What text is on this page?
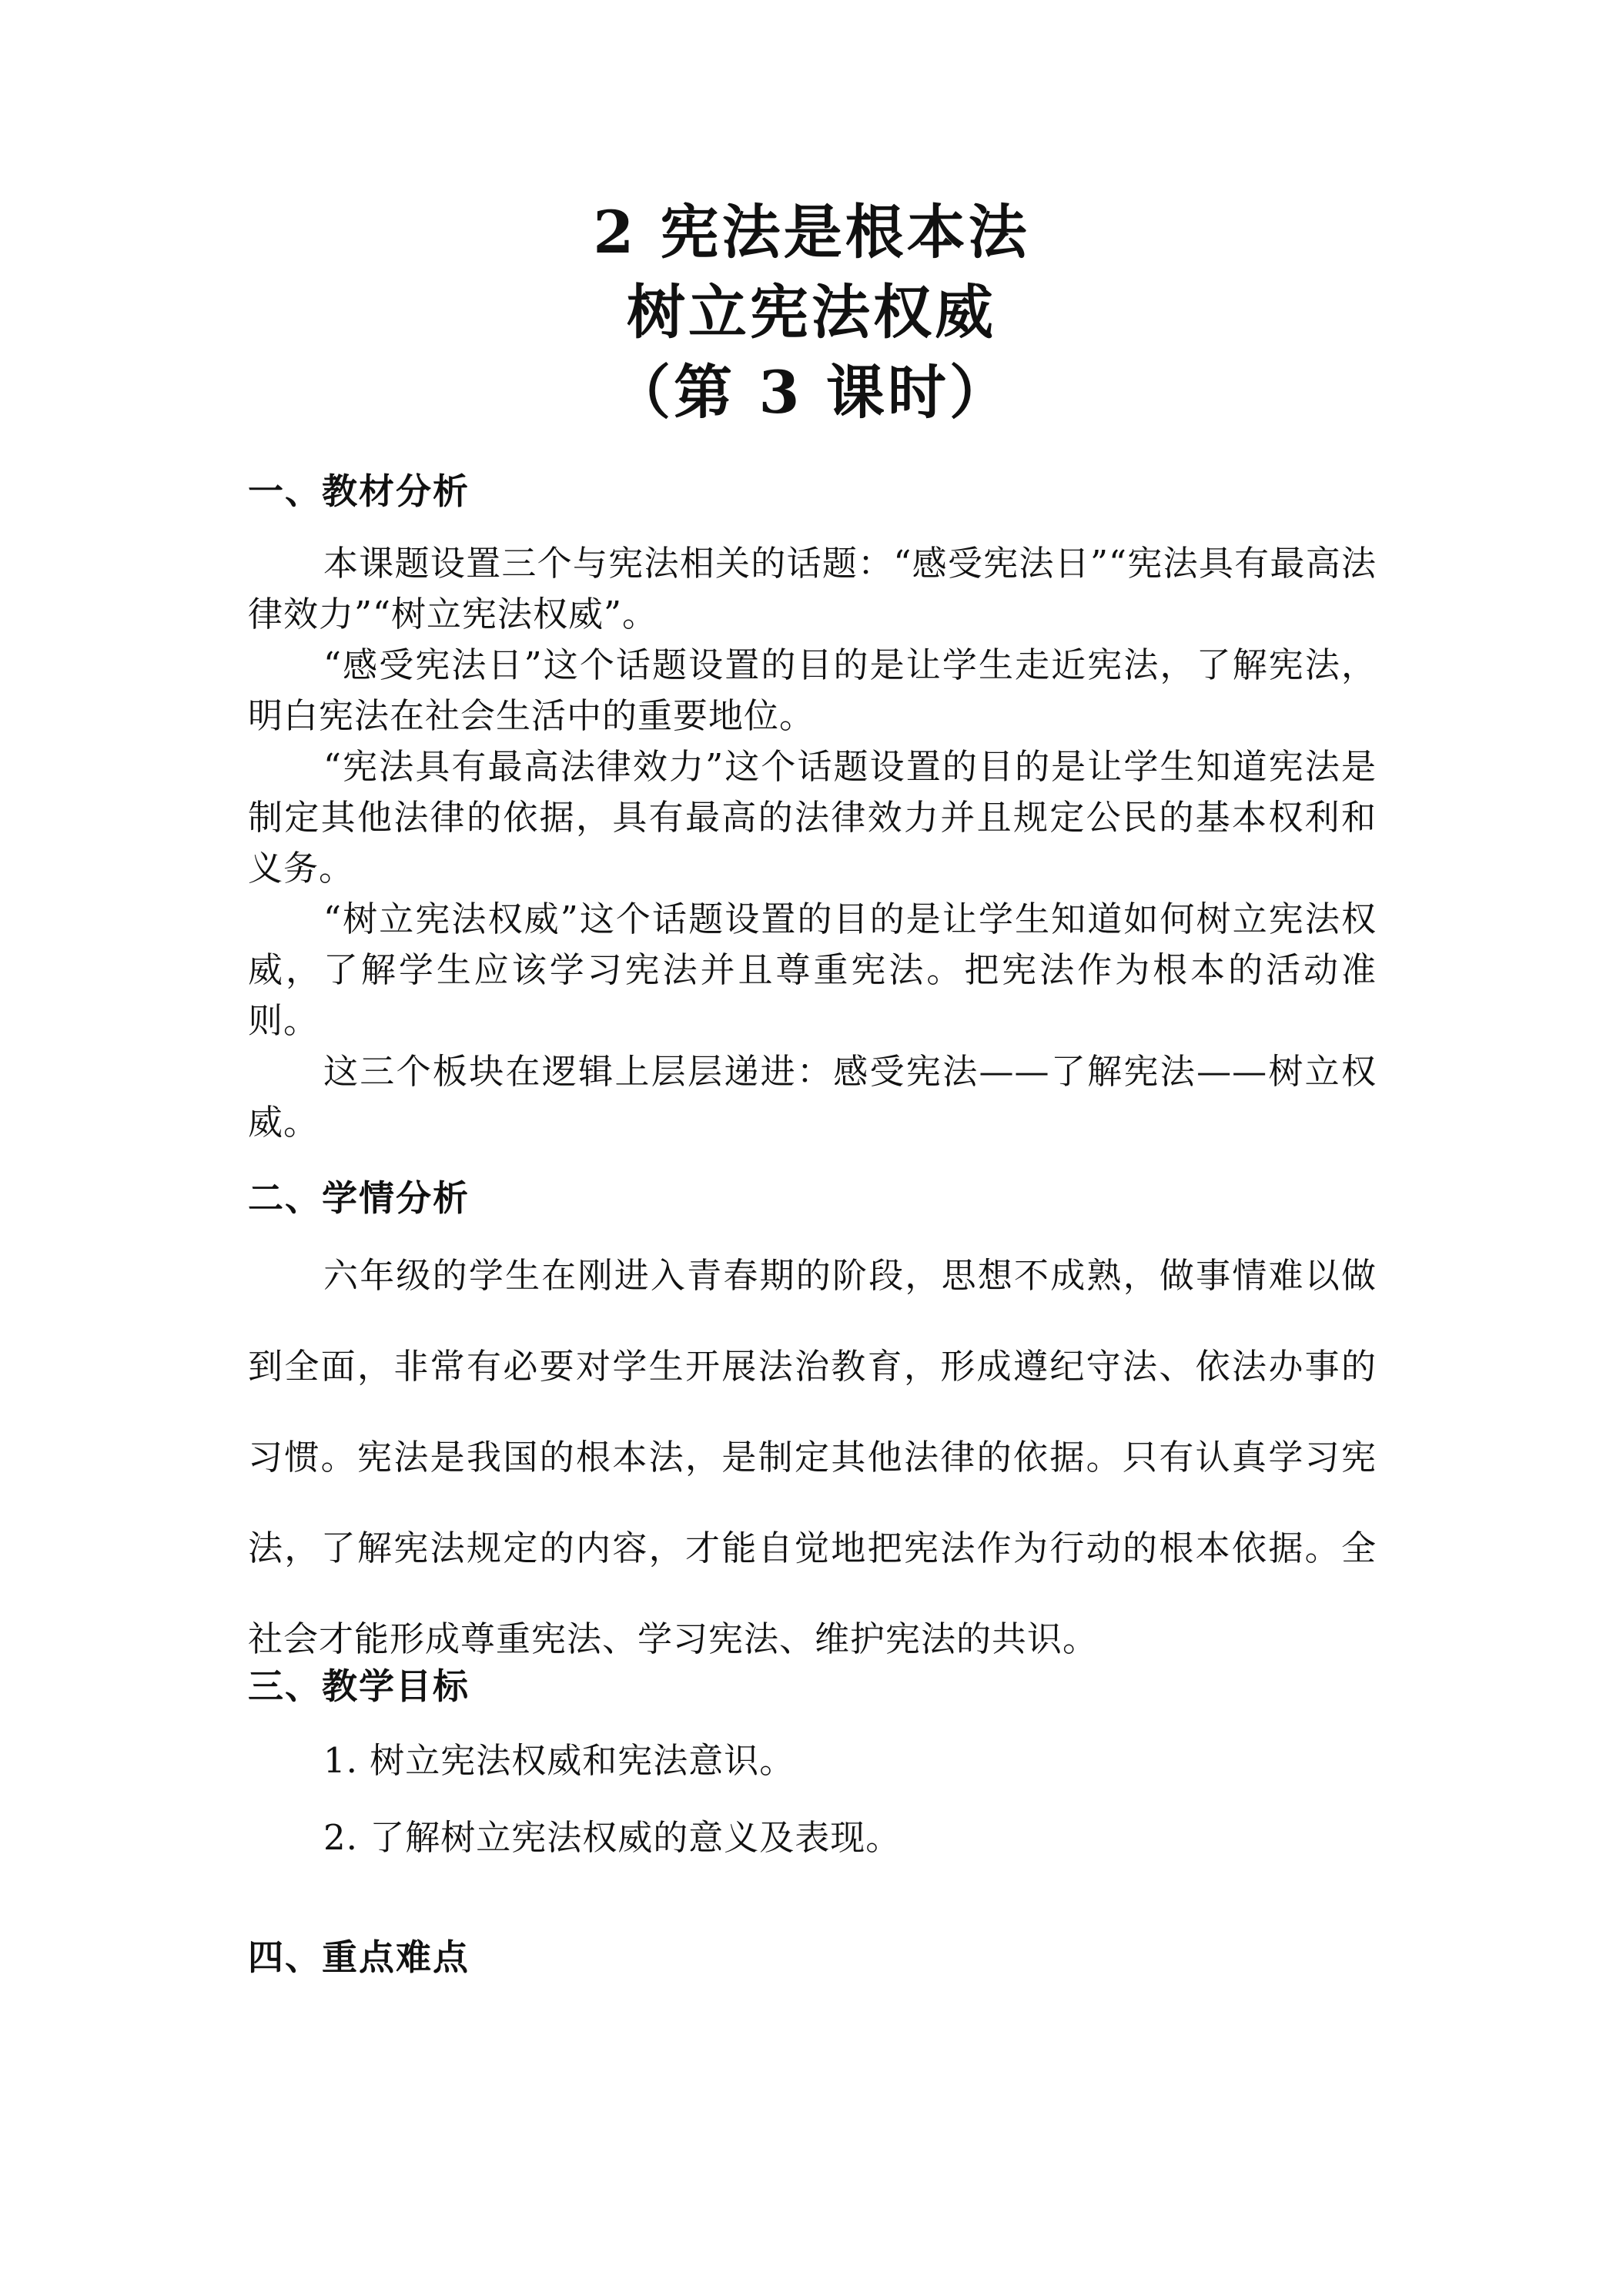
2 宪法是根本法
树立宪法权威
（第 3 课时）
一、教材分析

本课题设置三个与宪法相关的话题：“感受宪法日”“宪法具有最高法律效力”“树立宪法权威”。

“感受宪法日”这个话题设置的目的是让学生走近宪法，了解宪法，明白宪法在社会生活中的重要地位。

“宪法具有最高法律效力”这个话题设置的目的是让学生知道宪法是制定其他法律的依据，具有最高的法律效力并且规定公民的基本权利和义务。

“树立宪法权威”这个话题设置的目的是让学生知道如何树立宪法权威，了解学生应该学习宪法并且尊重宪法。把宪法作为根本的活动准则。

这三个板块在逻辑上层层递进：感受宪法——了解宪法——树立权威。

二、学情分析

六年级的学生在刚进入青春期的阶段，思想不成熟，做事情难以做到全面，非常有必要对学生开展法治教育，形成遵纪守法、依法办事的习惯。宪法是我国的根本法，是制定其他法律的依据。只有认真学习宪法，了解宪法规定的内容，才能自觉地把宪法作为行动的根本依据。全社会才能形成尊重宪法、学习宪法、维护宪法的共识。

三、教学目标
1. 树立宪法权威和宪法意识。
2. 了解树立宪法权威的意义及表现。
四、重点难点
